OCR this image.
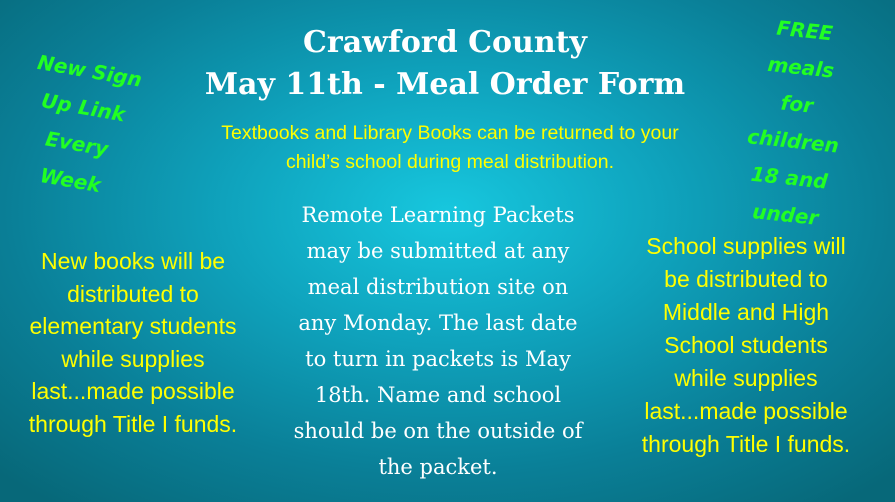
Crawford County
May 11th - Meal Order Form
Textbooks and Library Books can be returned to your
child’s school during meal distribution.
New Sign
Up Link
Every
Week
FREE
meals
for
children
18 and
under
New books will be
distributed to
elementary students
while supplies
last...made possible
through Title I funds.
Remote Learning Packets
may be submitted at any
meal distribution site on
any Monday. The last date
to turn in packets is May
18th. Name and school
should be on the outside of
the packet.
School supplies will
be distributed to
Middle and High
School students
while supplies
last...made possible
through Title I funds.
